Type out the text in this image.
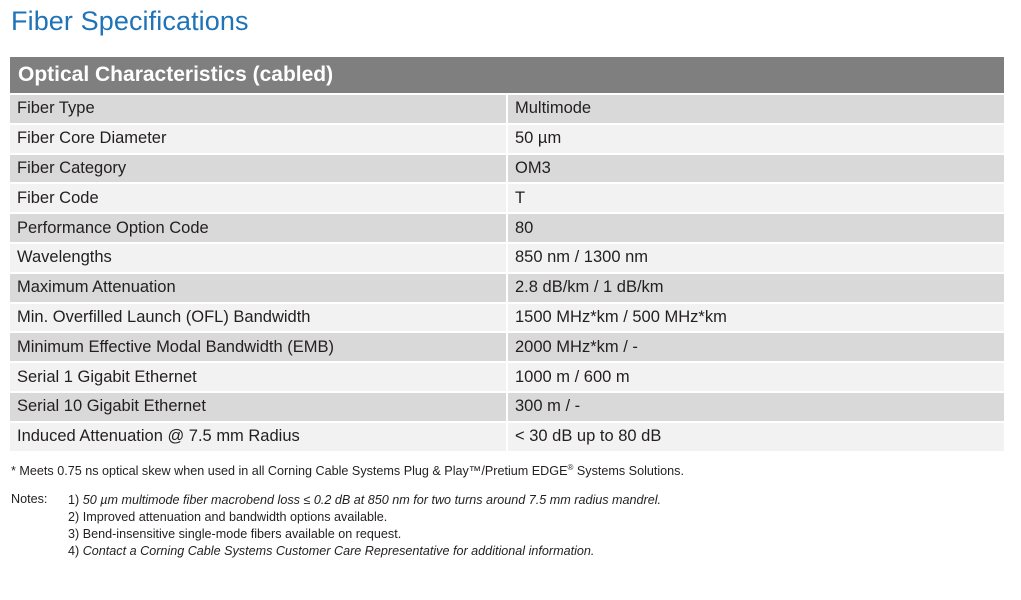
Fiber Specifications
Optical Characteristics (cabled)	
Fiber Type	Multimode
Fiber Core Diameter	50 µm
Fiber Category	OM3
Fiber Code	T
Performance Option Code	80
Wavelengths	850 nm / 1300 nm
Maximum Attenuation	2.8 dB/km / 1 dB/km
Min. Overfilled Launch (OFL) Bandwidth	1500 MHz*km / 500 MHz*km
Minimum Effective Modal Bandwidth (EMB)	2000 MHz*km / -
Serial 1 Gigabit Ethernet	1000 m / 600 m
Serial 10 Gigabit Ethernet	300 m / -
Induced Attenuation @ 7.5 mm Radius	< 30 dB up to 80 dB
* Meets 0.75 ns optical skew when used in all Corning Cable Systems Plug & Play™/Pretium EDGE® Systems Solutions.
Notes: 1) 50 µm multimode fiber macrobend loss ≤ 0.2 dB at 850 nm for two turns around 7.5 mm radius mandrel.
2) Improved attenuation and bandwidth options available.
3) Bend-insensitive single-mode fibers available on request.
4) Contact a Corning Cable Systems Customer Care Representative for additional information.
